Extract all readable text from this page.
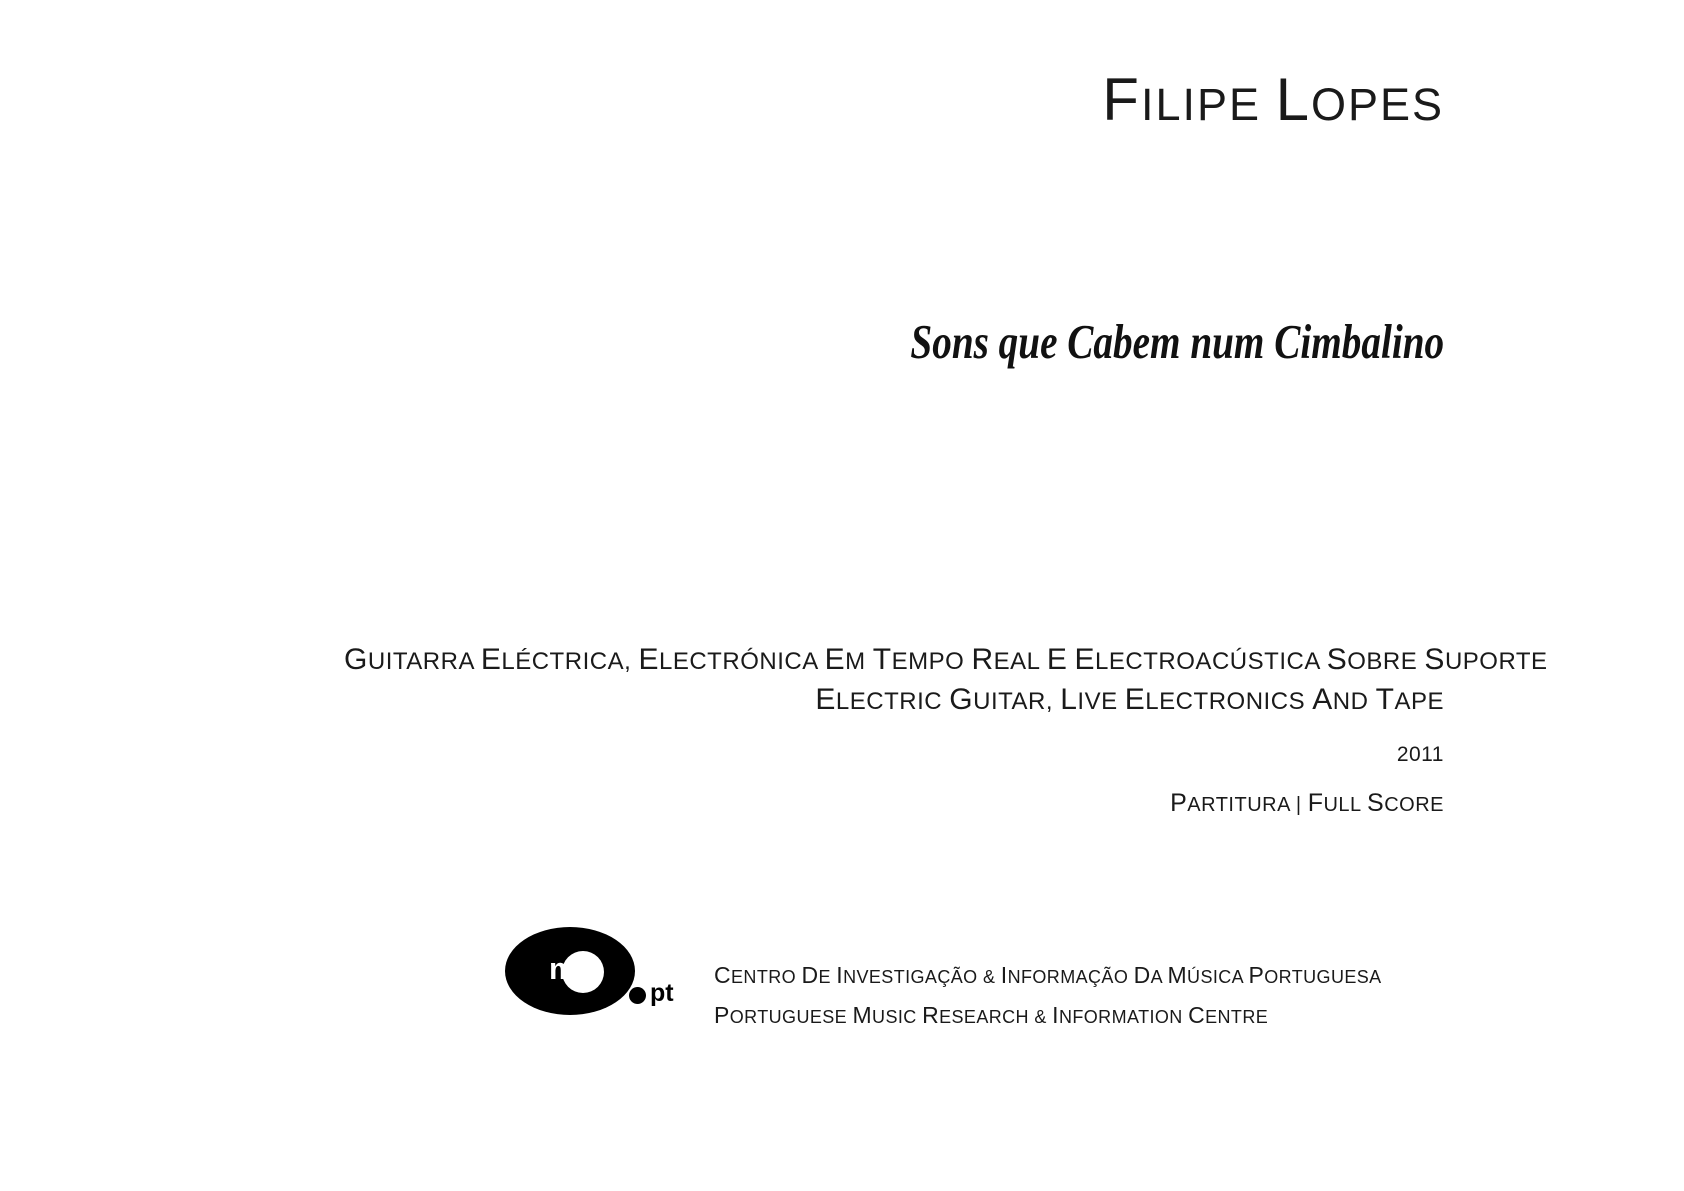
FILIPE LOPES
Sons que Cabem num Cimbalino
GUITARRA ELÉCTRICA, ELECTRÓNICA EM TEMPO REAL E ELECTROACÚSTICA SOBRE SUPORTE
ELECTRIC GUITAR, LIVE ELECTRONICS AND TAPE
2011
PARTITURA | FULL SCORE
mic
pt
CENTRO DE INVESTIGAÇÃO & INFORMAÇÃO DA MÚSICA PORTUGUESA
PORTUGUESE MUSIC RESEARCH & INFORMATION CENTRE
